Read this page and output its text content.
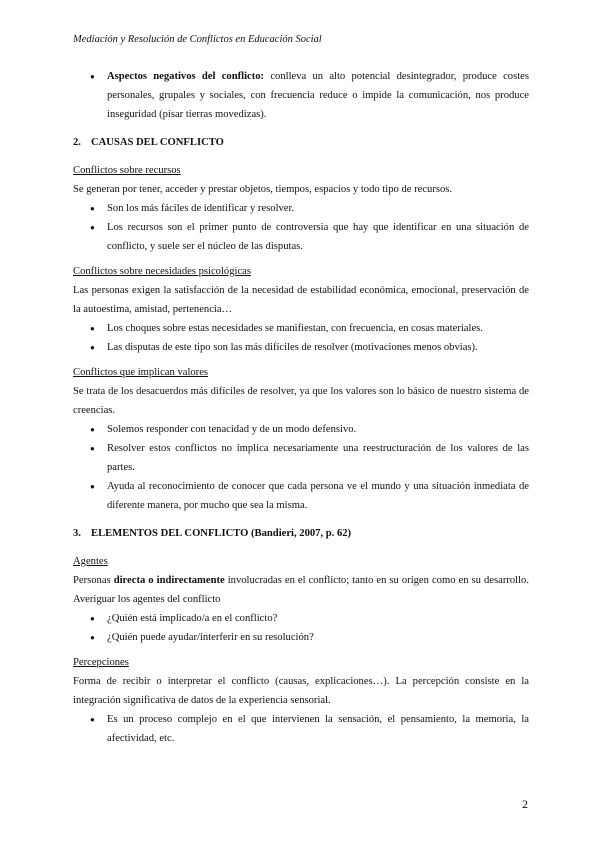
Mediación y Resolución de Conflictos en Educación Social
● Aspectos negativos del conflicto: conlleva un alto potencial desintegrador, produce costes personales, grupales y sociales, con frecuencia reduce o impide la comunicación, nos produce inseguridad (pisar tierras movedizas).
2. CAUSAS DEL CONFLICTO
Conflictos sobre recursos

Se generan por tener, acceder y prestar objetos, tiempos, espacios y todo tipo de recursos.

● Son los más fáciles de identificar y resolver.
● Los recursos son el primer punto de controversia que hay que identificar en una situación de conflicto, y suele ser el núcleo de las disputas.
Conflictos sobre necesidades psicológicas

Las personas exigen la satisfacción de la necesidad de estabilidad económica, emocional, preservación de la autoestima, amistad, pertenencia…

● Los choques sobre estas necesidades se manifiestan, con frecuencia, en cosas materiales.
● Las disputas de este tipo son las más difíciles de resolver (motivaciones menos obvias).
Conflictos que implican valores

Se trata de los desacuerdos más difíciles de resolver, ya que los valores son lo básico de nuestro sistema de creencias.

● Solemos responder con tenacidad y de un modo defensivo.
● Resolver estos conflictos no implica necesariamente una reestructuración de los valores de las partes.
● Ayuda al reconocimiento de conocer que cada persona ve el mundo y una situación inmediata de diferente manera, por mucho que sea la misma.
3. ELEMENTOS DEL CONFLICTO (Bandieri, 2007, p. 62)
Agentes

Personas directa o indirectamente involucradas en el conflicto; tanto en su origen como en su desarrollo. Averiguar los agentes del conflicto

● ¿Quién está implicado/a en el conflicto?
● ¿Quién puede ayudar/interferir en su resolución?
Percepciones

Forma de recibir o interpretar el conflicto (causas, explicaciones…). La percepción consiste en la integración significativa de datos de la experiencia sensorial.

● Es un proceso complejo en el que intervienen la sensación, el pensamiento, la memoria, la afectividad, etc.
2
